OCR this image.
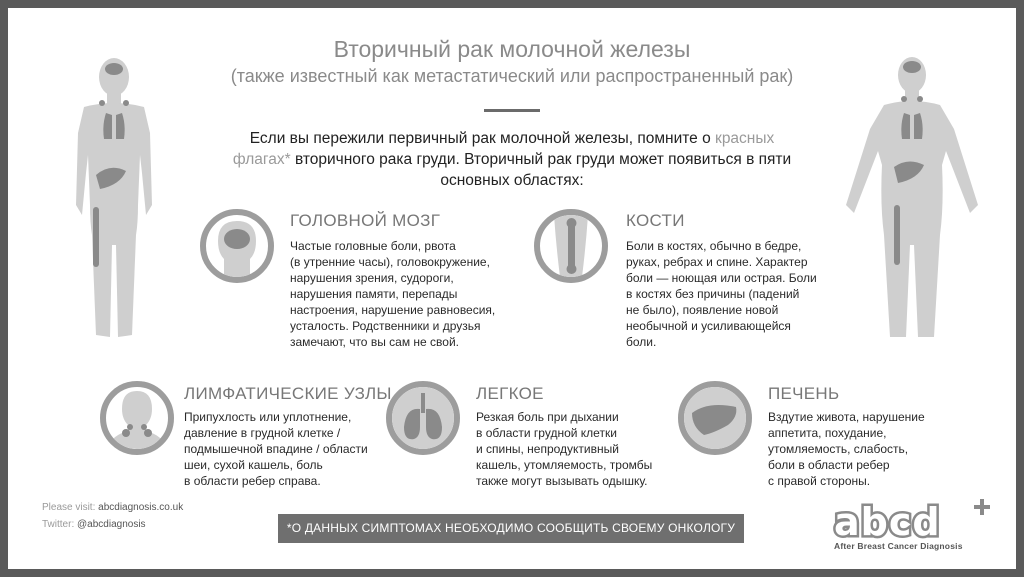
Вторичный рак молочной железы
(также известный как метастатический или распространенный рак)
Если вы пережили первичный рак молочной железы, помните о красных флагах* вторичного рака груди. Вторичный рак груди может появиться в пяти основных областях:
ГОЛОВНОЙ МОЗГ
Частые головные боли, рвота
(в утренние часы), головокружение,
нарушения зрения, судороги,
нарушения памяти, перепады
настроения, нарушение равновесия,
усталость. Родственники и друзья
замечают, что вы сам не свой.
КОСТИ
Боли в костях, обычно в бедре,
руках, ребрах и спине. Характер
боли — ноющая или острая. Боли
в костях без причины (падений
не было), появление новой
необычной и усиливающейся
боли.
ЛИМФАТИЧЕСКИЕ УЗЛЫ
Припухлость или уплотнение,
давление в грудной клетке /
подмышечной впадине / области
шеи, сухой кашель, боль
в области ребер справа.
ЛЕГКОЕ
Резкая боль при дыхании
в области грудной клетки
и спины, непродуктивный
кашель, утомляемость, тромбы
также могут вызывать одышку.
ПЕЧЕНЬ
Вздутие живота, нарушение
аппетита, похудание,
утомляемость, слабость,
боли в области ребер
с правой стороны.
Please visit: abcdiagnosis.co.uk
Twitter: @abcdiagnosis	*О ДАННЫХ СИМПТОМАХ НЕОБХОДИМО СООБЩИТЬ СВОЕМУ ОНКОЛОГУ	abcd
After Breast Cancer Diagnosis
